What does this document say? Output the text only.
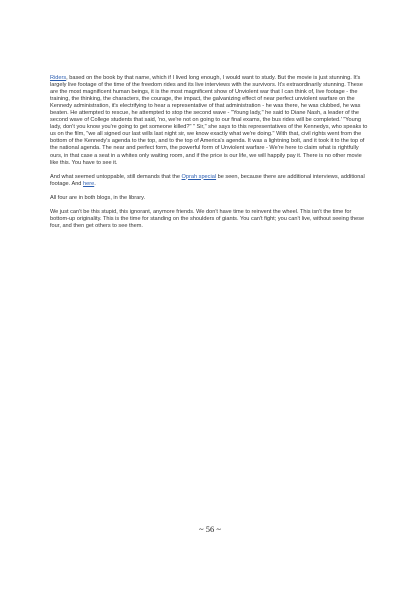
Riders, based on the book by that name, which if I lived long enough, I would want to study. But the movie is just stunning. It's largely live footage of the time of the freedom rides and its live interviews with the survivors. It's extraordinarily stunning. These are the most magnificent human beings, it is the most magnificent show of Unviolent war that I can think of, live footage - the training, the thinking, the characters, the courage, the impact, the galvanizing effect of near perfect unviolent warfare on the Kennedy administration, it's electrifying to hear a representative of that administration - he was there, he was clubbed, he was beaten. He attempted to rescue, he attempted to stop the second wave - "Young lady," he said to Diane Nash, a leader of the second wave of College students that said, 'no, we're not on going to our final exams, the bus rides will be completed.' "Young lady, don't you know you're going to get someone killed?" " Sir," she says to this representatives of the Kennedys, who speaks to us on the film, "we all signed our last wills last night sir, we know exactly what we're doing." With that, civil rights went from the bottom of the Kennedy's agenda to the top, and to the top of America's agenda. It was a lightning bolt, and it took it to the top of the national agenda. The near and perfect form, the powerful form of Unviolent warfare - We're here to claim what is rightfully ours, in that case a seat in a whites only waiting room, and if the price is our life, we will happily pay it. There is no other movie like this. You have to see it.

And what seemed untoppable, still demands that the Oprah special be seen, because there are additional interviews, additional footage. And here.

All four are in both blogs, in the library.

We just can't be this stupid, this ignorant, anymore friends. We don't have time to reinvent the wheel. This isn't the time for bottom-up originality. This is the time for standing on the shoulders of giants. You can't fight; you can't live, without seeing these four, and then get others to see them.

~ 56 ~
